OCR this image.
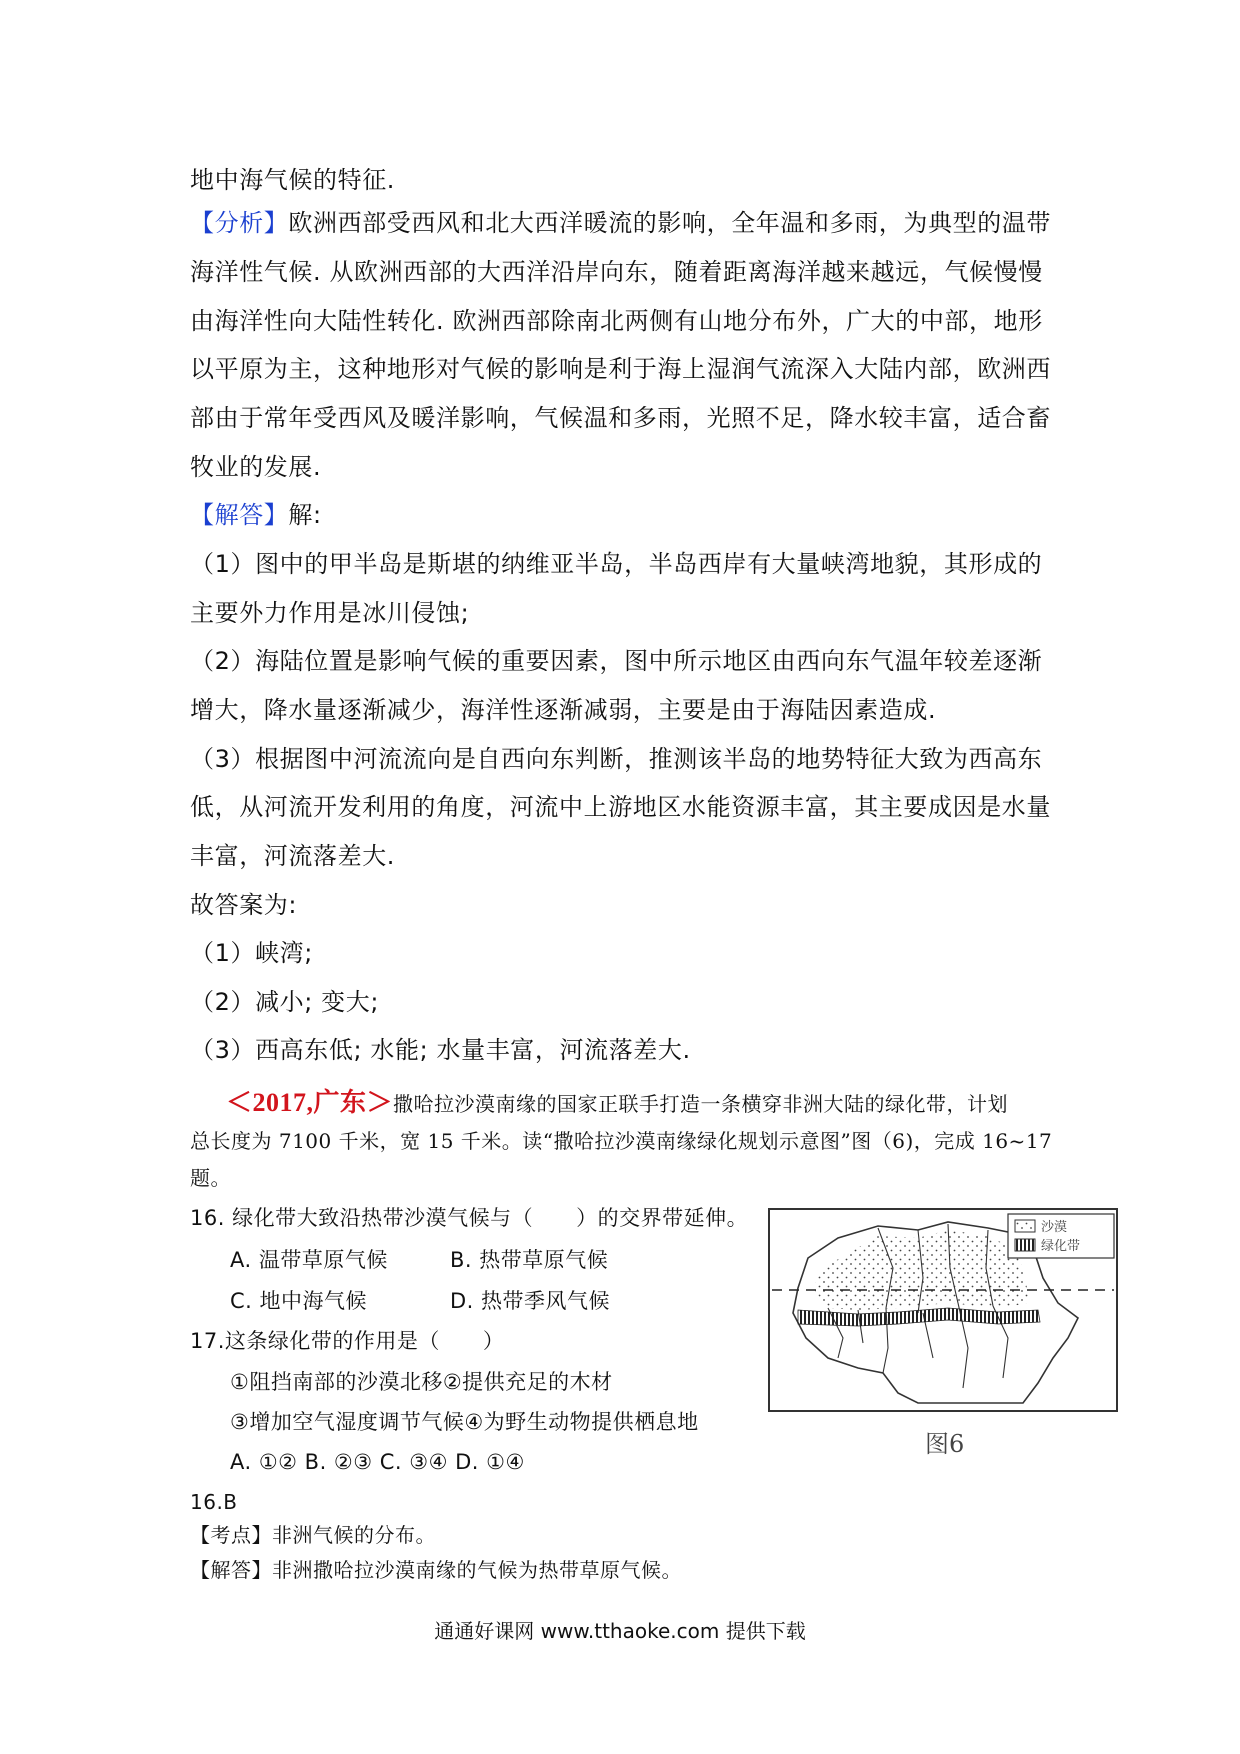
地中海气候的特征.
【分析】欧洲西部受西风和北大西洋暖流的影响，全年温和多雨，为典型的温带
海洋性气候. 从欧洲西部的大西洋沿岸向东，随着距离海洋越来越远，气候慢慢
由海洋性向大陆性转化. 欧洲西部除南北两侧有山地分布外，广大的中部，地形
以平原为主，这种地形对气候的影响是利于海上湿润气流深入大陆内部，欧洲西
部由于常年受西风及暖洋影响，气候温和多雨，光照不足，降水较丰富，适合畜
牧业的发展.
【解答】解:
（1）图中的甲半岛是斯堪的纳维亚半岛，半岛西岸有大量峡湾地貌，其形成的
主要外力作用是冰川侵蚀;
（2）海陆位置是影响气候的重要因素，图中所示地区由西向东气温年较差逐渐
增大，降水量逐渐减少，海洋性逐渐减弱，主要是由于海陆因素造成.
（3）根据图中河流流向是自西向东判断，推测该半岛的地势特征大致为西高东
低，从河流开发利用的角度，河流中上游地区水能资源丰富，其主要成因是水量
丰富，河流落差大.
故答案为:
（1）峡湾;
（2）减小; 变大;
（3）西高东低; 水能; 水量丰富，河流落差大.
＜2017,广东＞撒哈拉沙漠南缘的国家正联手打造一条横穿非洲大陆的绿化带，计划
总长度为 7100 千米，宽 15 千米。读“撒哈拉沙漠南缘绿化规划示意图”图（6)，完成 16~17
题。
16. 绿化带大致沿热带沙漠气候与（　　）的交界带延伸。
A. 温带草原气候	B. 热带草原气候
C. 地中海气候	D. 热带季风气候
17.这条绿化带的作用是（　　）
①阻挡南部的沙漠北移②提供充足的木材
③增加空气湿度调节气候④为野生动物提供栖息地
A. ①② B. ②③ C. ③④ D. ①④
16.B
【考点】非洲气候的分布。
【解答】非洲撒哈拉沙漠南缘的气候为热带草原气候。
沙漠
绿化带
图6
通通好课网 www.tthaoke.com 提供下载
